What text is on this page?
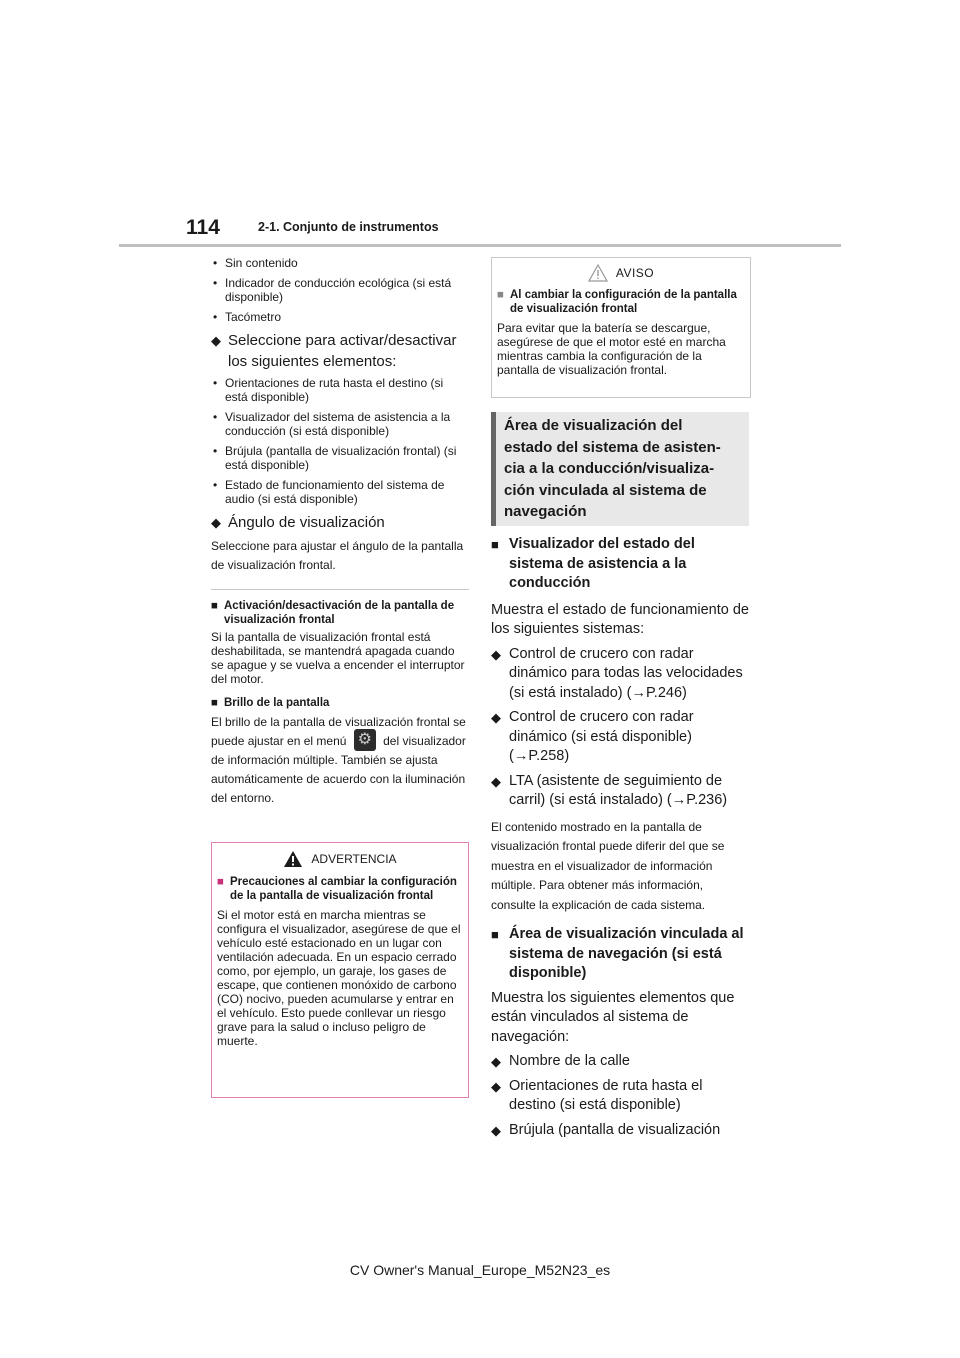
114	2-1. Conjunto de instrumentos
• Sin contenido
• Indicador de conducción ecológica (si está disponible)
• Tacómetro
◆ Seleccione para activar/desactivar los siguientes elementos:
• Orientaciones de ruta hasta el destino (si está disponible)
• Visualizador del sistema de asistencia a la conducción (si está disponible)
• Brújula (pantalla de visualización frontal) (si está disponible)
• Estado de funcionamiento del sistema de audio (si está disponible)
◆ Ángulo de visualización
Seleccione para ajustar el ángulo de la pantalla de visualización frontal.
■ Activación/desactivación de la pantalla de visualización frontal
Si la pantalla de visualización frontal está deshabilitada, se mantendrá apagada cuando se apague y se vuelva a encender el interruptor del motor.
■ Brillo de la pantalla
El brillo de la pantalla de visualización frontal se puede ajustar en el menú ⚙ del visualizador de información múltiple. También se ajusta automáticamente de acuerdo con la iluminación del entorno.
ADVERTENCIA
■ Precauciones al cambiar la configuración de la pantalla de visualización frontal
Si el motor está en marcha mientras se configura el visualizador, asegúrese de que el vehículo esté estacionado en un lugar con ventilación adecuada. En un espacio cerrado como, por ejemplo, un garaje, los gases de escape, que contienen monóxido de carbono (CO) nocivo, pueden acumularse y entrar en el vehículo. Esto puede conllevar un riesgo grave para la salud o incluso peligro de muerte.
AVISO
■ Al cambiar la configuración de la pantalla de visualización frontal
Para evitar que la batería se descargue, asegúrese de que el motor esté en marcha mientras cambia la configuración de la pantalla de visualización frontal.
Área de visualización del
estado del sistema de asisten-
cia a la conducción/visualiza-
ción vinculada al sistema de
navegación
■ Visualizador del estado del sistema de asistencia a la conducción
Muestra el estado de funcionamiento de los siguientes sistemas:
◆ Control de crucero con radar dinámico para todas las velocidades (si está instalado) (→P.246)
◆ Control de crucero con radar dinámico (si está disponible) (→P.258)
◆ LTA (asistente de seguimiento de carril) (si está instalado) (→P.236)
El contenido mostrado en la pantalla de visualización frontal puede diferir del que se muestra en el visualizador de información múltiple. Para obtener más información, consulte la explicación de cada sistema.
■ Área de visualización vinculada al sistema de navegación (si está disponible)
Muestra los siguientes elementos que están vinculados al sistema de navegación:
◆ Nombre de la calle
◆ Orientaciones de ruta hasta el destino (si está disponible)
◆ Brújula (pantalla de visualización
CV Owner's Manual_Europe_M52N23_es
